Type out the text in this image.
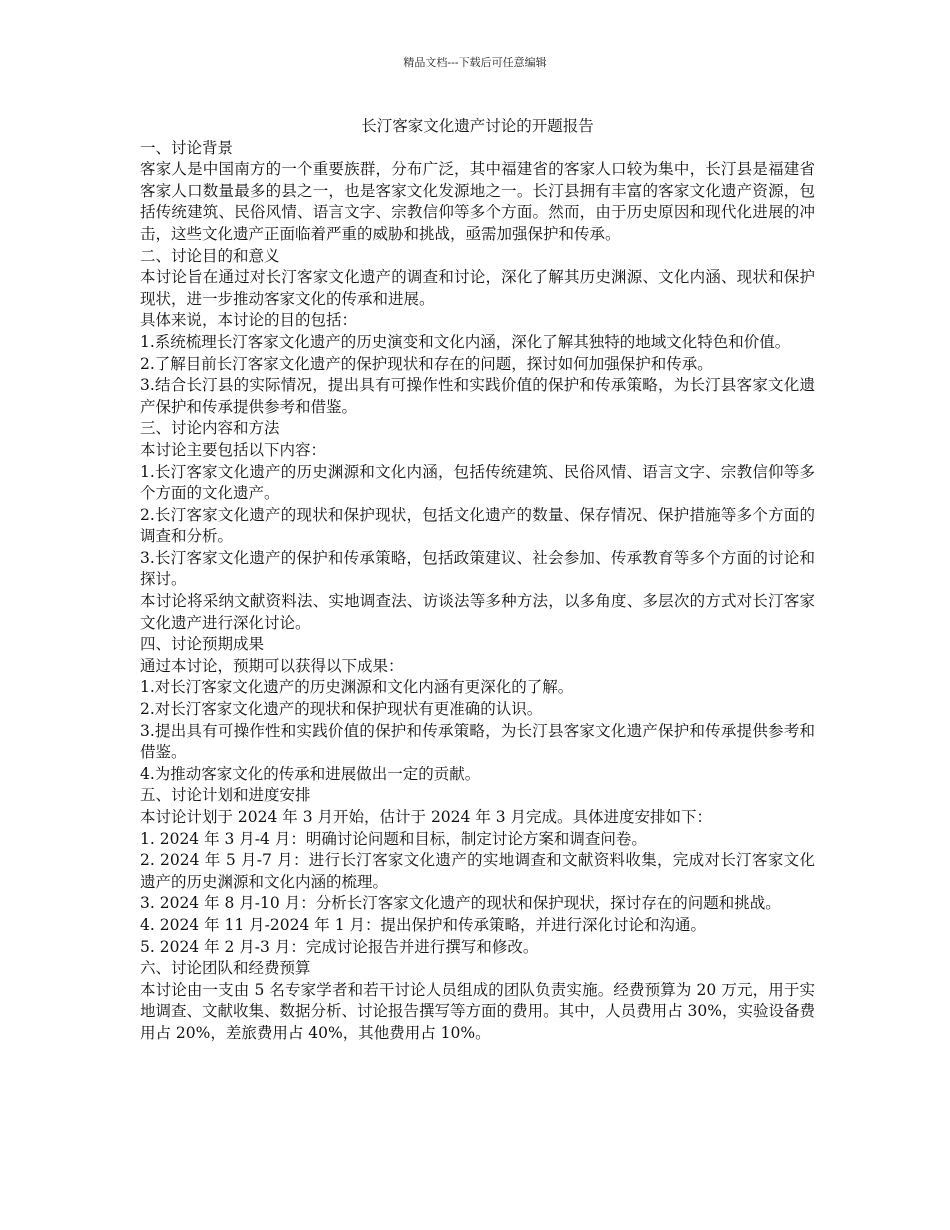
精品文档---下载后可任意编辑
长汀客家文化遗产讨论的开题报告

一、讨论背景

客家人是中国南方的一个重要族群，分布广泛，其中福建省的客家人口较为集中，长汀县是福建省客家人口数量最多的县之一，也是客家文化发源地之一。长汀县拥有丰富的客家文化遗产资源，包括传统建筑、民俗风情、语言文字、宗教信仰等多个方面。然而，由于历史原因和现代化进展的冲击，这些文化遗产正面临着严重的威胁和挑战，亟需加强保护和传承。

二、讨论目的和意义

本讨论旨在通过对长汀客家文化遗产的调查和讨论，深化了解其历史渊源、文化内涵、现状和保护现状，进一步推动客家文化的传承和进展。

具体来说，本讨论的目的包括：

1.系统梳理长汀客家文化遗产的历史演变和文化内涵，深化了解其独特的地域文化特色和价值。

2.了解目前长汀客家文化遗产的保护现状和存在的问题，探讨如何加强保护和传承。

3.结合长汀县的实际情况，提出具有可操作性和实践价值的保护和传承策略，为长汀县客家文化遗产保护和传承提供参考和借鉴。

三、讨论内容和方法

本讨论主要包括以下内容：

1.长汀客家文化遗产的历史渊源和文化内涵，包括传统建筑、民俗风情、语言文字、宗教信仰等多个方面的文化遗产。

2.长汀客家文化遗产的现状和保护现状，包括文化遗产的数量、保存情况、保护措施等多个方面的调查和分析。

3.长汀客家文化遗产的保护和传承策略，包括政策建议、社会参加、传承教育等多个方面的讨论和探讨。

本讨论将采纳文献资料法、实地调查法、访谈法等多种方法，以多角度、多层次的方式对长汀客家文化遗产进行深化讨论。

四、讨论预期成果

通过本讨论，预期可以获得以下成果：

1.对长汀客家文化遗产的历史渊源和文化内涵有更深化的了解。

2.对长汀客家文化遗产的现状和保护现状有更准确的认识。

3.提出具有可操作性和实践价值的保护和传承策略，为长汀县客家文化遗产保护和传承提供参考和借鉴。

4.为推动客家文化的传承和进展做出一定的贡献。

五、讨论计划和进度安排

本讨论计划于 2024 年 3 月开始，估计于 2024 年 3 月完成。具体进度安排如下：

1. 2024 年 3 月-4 月：明确讨论问题和目标，制定讨论方案和调查问卷。

2. 2024 年 5 月-7 月：进行长汀客家文化遗产的实地调查和文献资料收集，完成对长汀客家文化遗产的历史渊源和文化内涵的梳理。

3. 2024 年 8 月-10 月：分析长汀客家文化遗产的现状和保护现状，探讨存在的问题和挑战。

4. 2024 年 11 月-2024 年 1 月：提出保护和传承策略，并进行深化讨论和沟通。

5. 2024 年 2 月-3 月：完成讨论报告并进行撰写和修改。

六、讨论团队和经费预算

本讨论由一支由 5 名专家学者和若干讨论人员组成的团队负责实施。经费预算为 20 万元，用于实地调查、文献收集、数据分析、讨论报告撰写等方面的费用。其中，人员费用占 30%，实验设备费用占 20%，差旅费用占 40%，其他费用占 10%。
